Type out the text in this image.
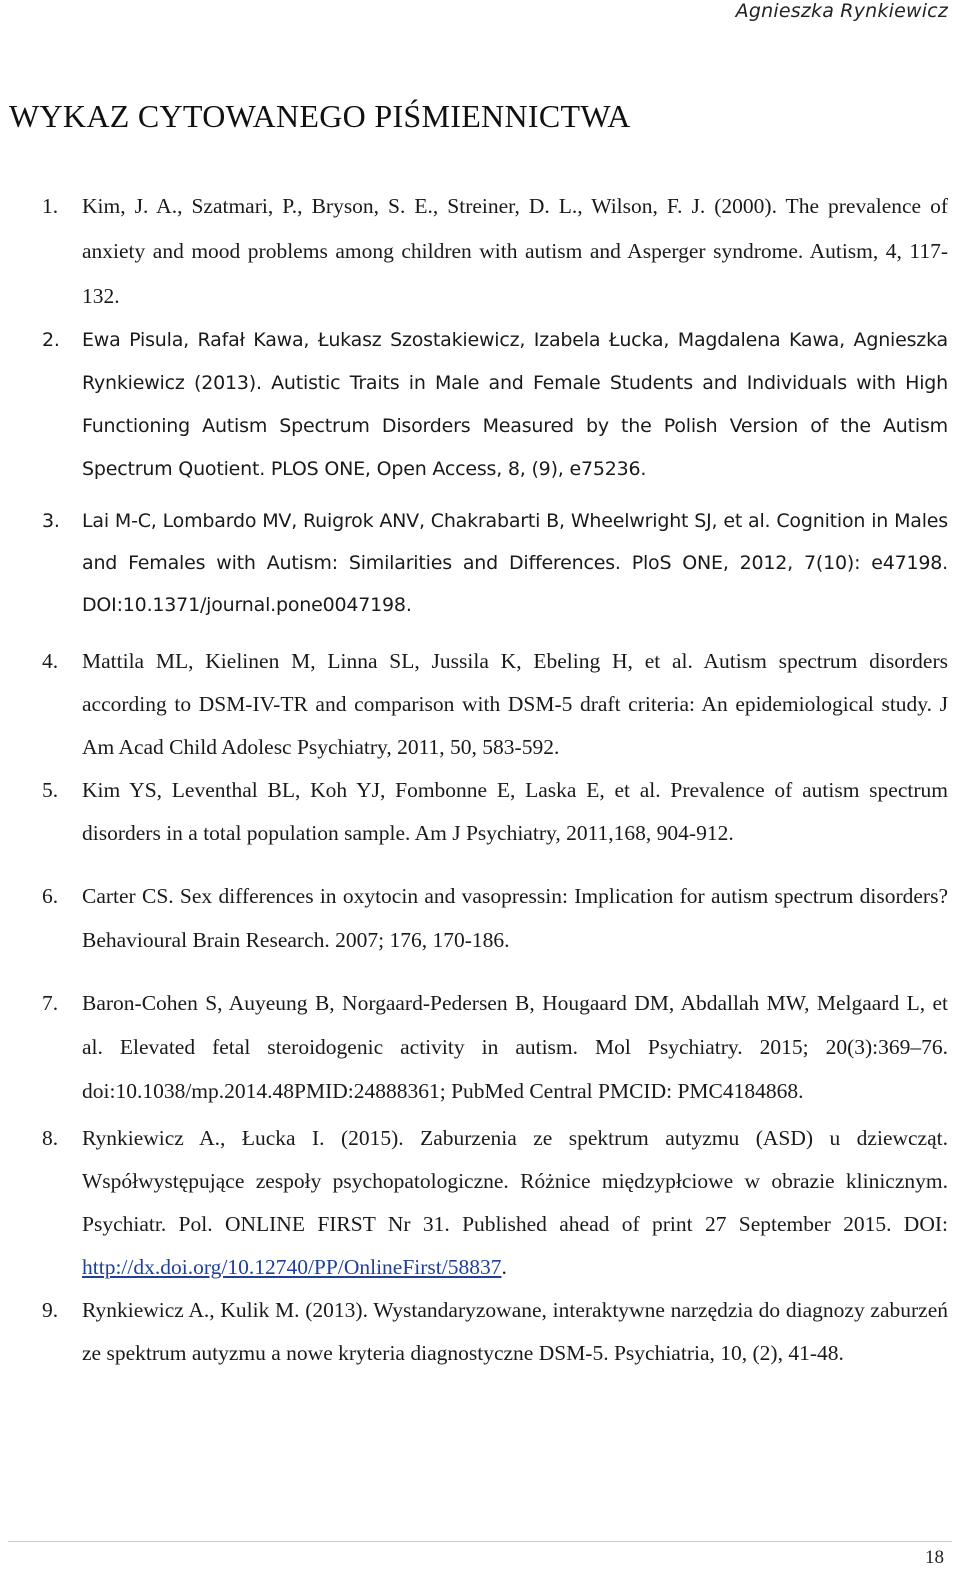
Agnieszka Rynkiewicz
WYKAZ CYTOWANEGO PIŚMIENNICTWA
1. Kim, J. A., Szatmari, P., Bryson, S. E., Streiner, D. L., Wilson, F. J. (2000). The prevalence of anxiety and mood problems among children with autism and Asperger syndrome. Autism, 4, 117-132.
2. Ewa Pisula, Rafał Kawa, Łukasz Szostakiewicz, Izabela Łucka, Magdalena Kawa, Agnieszka Rynkiewicz (2013). Autistic Traits in Male and Female Students and Individuals with High Functioning Autism Spectrum Disorders Measured by the Polish Version of the Autism Spectrum Quotient. PLOS ONE, Open Access, 8, (9), e75236.
3. Lai M-C, Lombardo MV, Ruigrok ANV, Chakrabarti B, Wheelwright SJ, et al. Cognition in Males and Females with Autism: Similarities and Differences. PloS ONE, 2012, 7(10): e47198. DOI:10.1371/journal.pone0047198.
4. Mattila ML, Kielinen M, Linna SL, Jussila K, Ebeling H, et al. Autism spectrum disorders according to DSM-IV-TR and comparison with DSM-5 draft criteria: An epidemiological study. J Am Acad Child Adolesc Psychiatry, 2011, 50, 583-592.
5. Kim YS, Leventhal BL, Koh YJ, Fombonne E, Laska E, et al. Prevalence of autism spectrum disorders in a total population sample. Am J Psychiatry, 2011,168, 904-912.
6. Carter CS. Sex differences in oxytocin and vasopressin: Implication for autism spectrum disorders? Behavioural Brain Research. 2007; 176, 170-186.
7. Baron-Cohen S, Auyeung B, Norgaard-Pedersen B, Hougaard DM, Abdallah MW, Melgaard L, et al. Elevated fetal steroidogenic activity in autism. Mol Psychiatry. 2015; 20(3):369–76. doi:10.1038/mp.2014.48PMID:24888361; PubMed Central PMCID: PMC4184868.
8. Rynkiewicz A., Łucka I. (2015). Zaburzenia ze spektrum autyzmu (ASD) u dziewcząt. Współwystępujące zespoły psychopatologiczne. Różnice międzypłciowe w obrazie klinicznym. Psychiatr. Pol. ONLINE FIRST Nr 31. Published ahead of print 27 September 2015. DOI: http://dx.doi.org/10.12740/PP/OnlineFirst/58837.
9. Rynkiewicz A., Kulik M. (2013). Wystandaryzowane, interaktywne narzędzia do diagnozy zaburzeń ze spektrum autyzmu a nowe kryteria diagnostyczne DSM-5. Psychiatria, 10, (2), 41-48.
18
